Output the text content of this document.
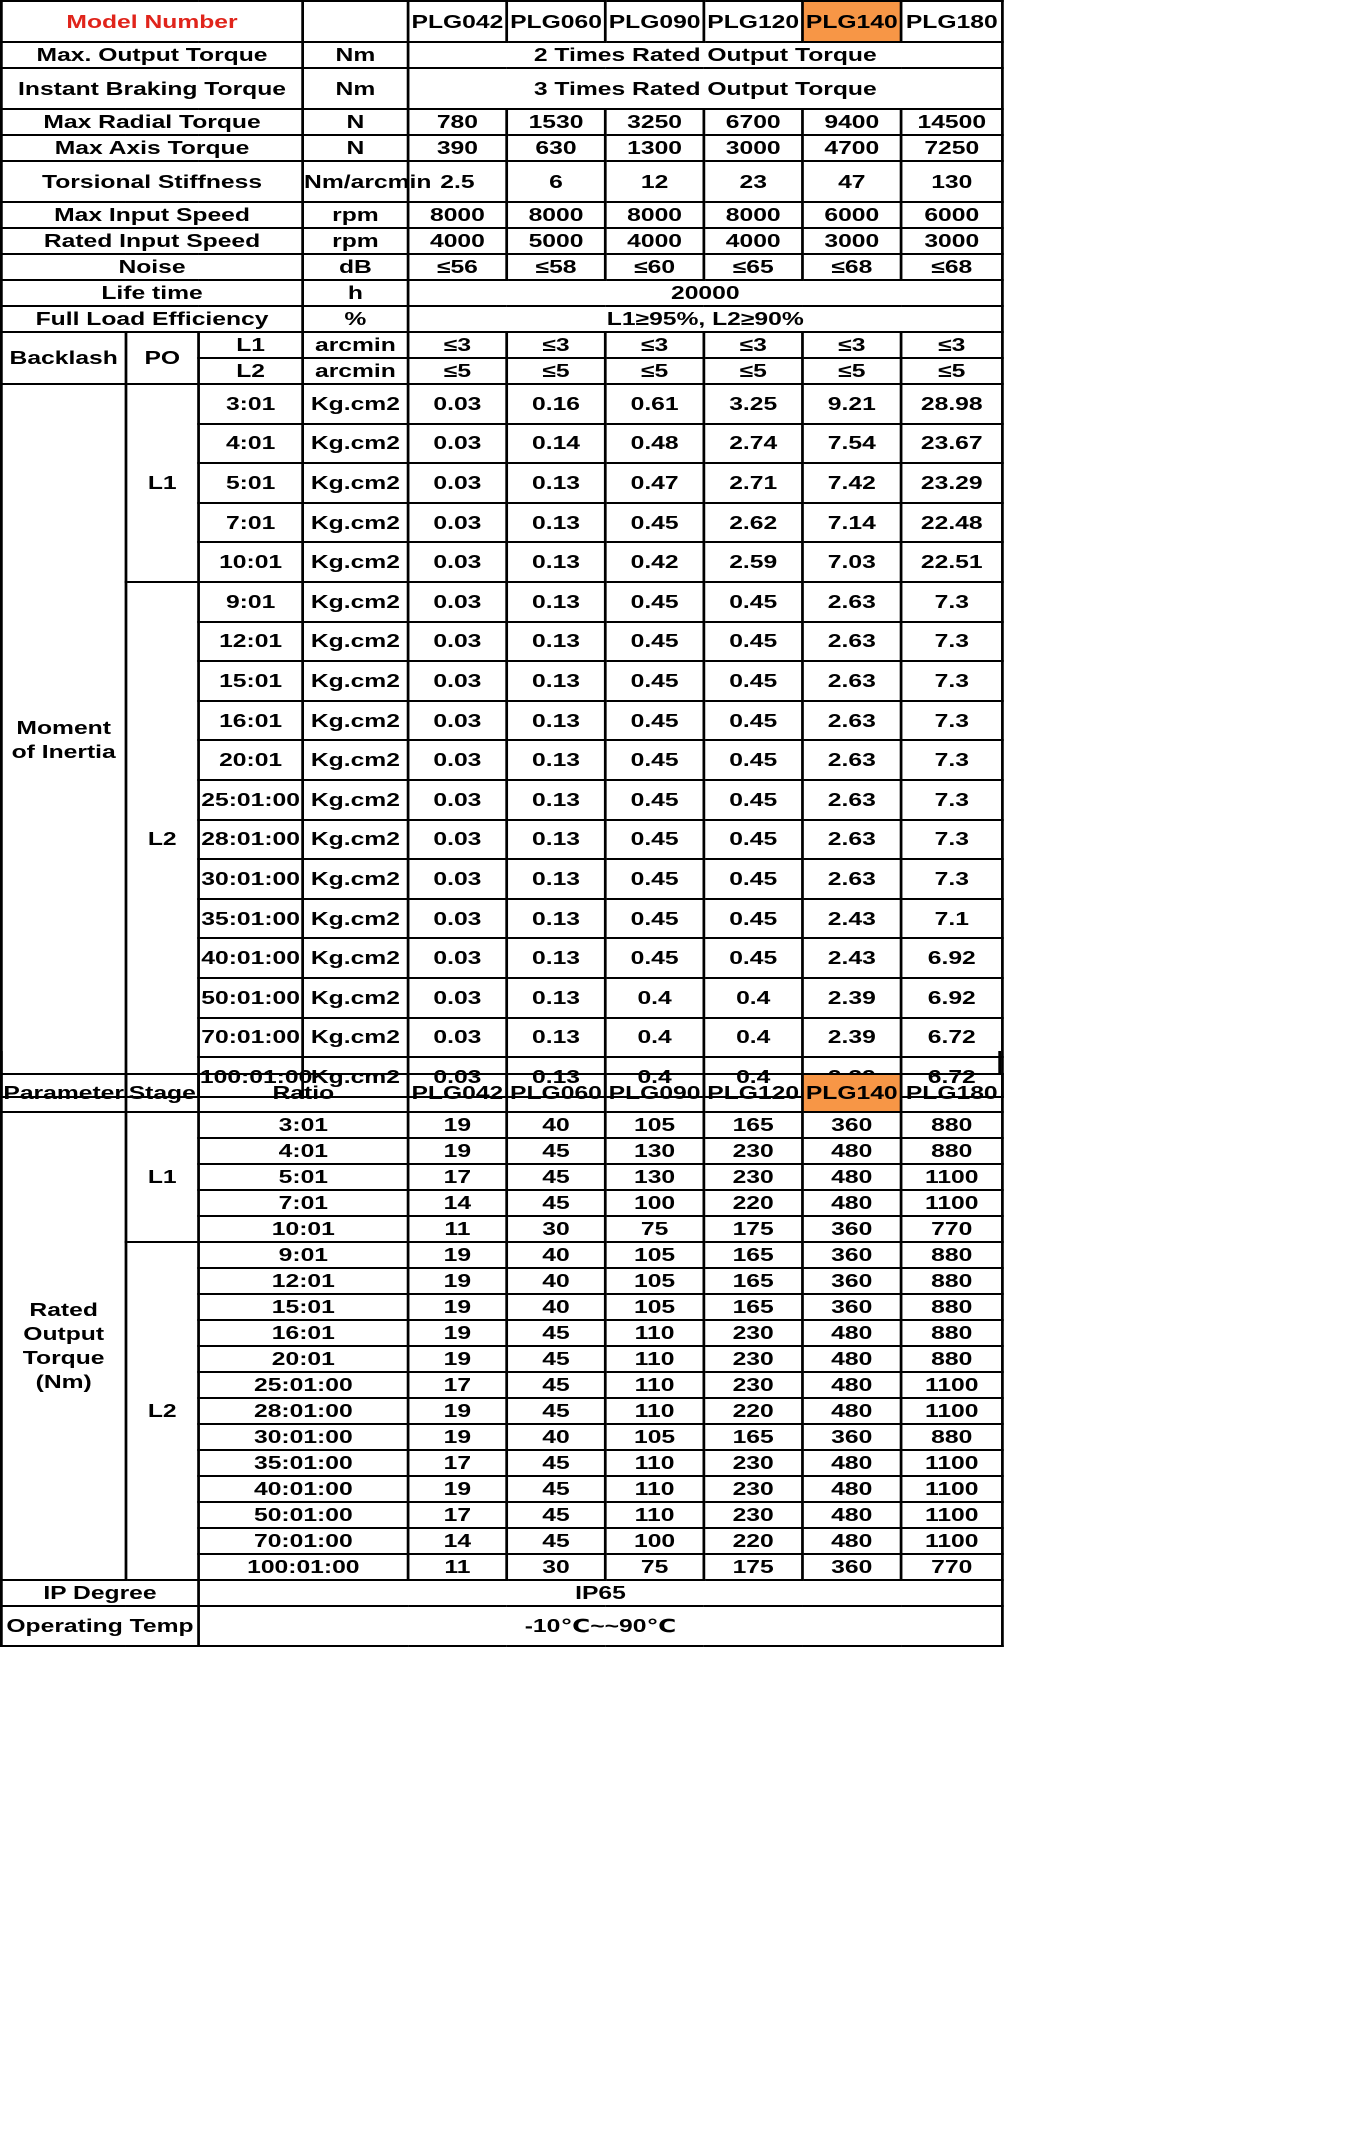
Model Number				PLG042	PLG060	PLG090	PLG120	PLG140	PLG180
Max. Output Torque			Nm	2 Times Rated Output Torque					
Instant Braking Torque			Nm	3 Times Rated Output Torque					
Max Radial Torque			N	780	1530	3250	6700	9400	14500
Max Axis Torque			N	390	630	1300	3000	4700	7250
Torsional Stiffness			Nm/arcmin	2.5	6	12	23	47	130
Max Input Speed			rpm	8000	8000	8000	8000	6000	6000
Rated Input Speed			rpm	4000	5000	4000	4000	3000	3000
Noise			dB	≤56	≤58	≤60	≤65	≤68	≤68
Life time			h	20000					
Full Load Efficiency			%	L1≥95%, L2≥90%					
Backlash	PO	L1	arcmin	≤3	≤3	≤3	≤3	≤3	≤3
		L2	arcmin	≤5	≤5	≤5	≤5	≤5	≤5
Moment of Inertia	L1	3:01	Kg.cm2	0.03	0.16	0.61	3.25	9.21	28.98
		4:01	Kg.cm2	0.03	0.14	0.48	2.74	7.54	23.67
		5:01	Kg.cm2	0.03	0.13	0.47	2.71	7.42	23.29
		7:01	Kg.cm2	0.03	0.13	0.45	2.62	7.14	22.48
		10:01	Kg.cm2	0.03	0.13	0.42	2.59	7.03	22.51
	L2	9:01	Kg.cm2	0.03	0.13	0.45	0.45	2.63	7.3
		12:01	Kg.cm2	0.03	0.13	0.45	0.45	2.63	7.3
		15:01	Kg.cm2	0.03	0.13	0.45	0.45	2.63	7.3
		16:01	Kg.cm2	0.03	0.13	0.45	0.45	2.63	7.3
		20:01	Kg.cm2	0.03	0.13	0.45	0.45	2.63	7.3
		25:01:00	Kg.cm2	0.03	0.13	0.45	0.45	2.63	7.3
		28:01:00	Kg.cm2	0.03	0.13	0.45	0.45	2.63	7.3
		30:01:00	Kg.cm2	0.03	0.13	0.45	0.45	2.63	7.3
		35:01:00	Kg.cm2	0.03	0.13	0.45	0.45	2.43	7.1
		40:01:00	Kg.cm2	0.03	0.13	0.45	0.45	2.43	6.92
		50:01:00	Kg.cm2	0.03	0.13	0.4	0.4	2.39	6.92
		70:01:00	Kg.cm2	0.03	0.13	0.4	0.4	2.39	6.72
		100:01:00	Kg.cm2	0.03	0.13	0.4	0.4		6.72
Parameter	Stage	Ratio	PLG042	PLG060	PLG090	PLG120	PLG140	PLG180
Rated Output Torque (Nm)	L1	3:01	19	40	105	165	360	880
		4:01	19	45	130	230	480	880
		5:01	17	45	130	230	480	1100
		7:01	14	45	100	220	480	1100
		10:01	11	30	75	175	360	770
	L2	9:01	19	40	105	165	360	880
		12:01	19	40	105	165	360	880
		15:01	19	40	105	165	360	880
		16:01	19	45	110	230	480	880
		20:01	19	45	110	230	480	880
		25:01:00	17	45	110	230	480	1100
		28:01:00	19	45	110	220	480	1100
		30:01:00	19	40	105	165	360	880
		35:01:00	17	45	110	230	480	1100
		40:01:00	19	45	110	230	480	1100
		50:01:00	17	45	110	230	480	1100
		70:01:00	14	45	100	220	480	1100
		100:01:00	11	30	75	175	360	770
IP Degree		IP65						
Operating Temp		-10℃~~90℃						
